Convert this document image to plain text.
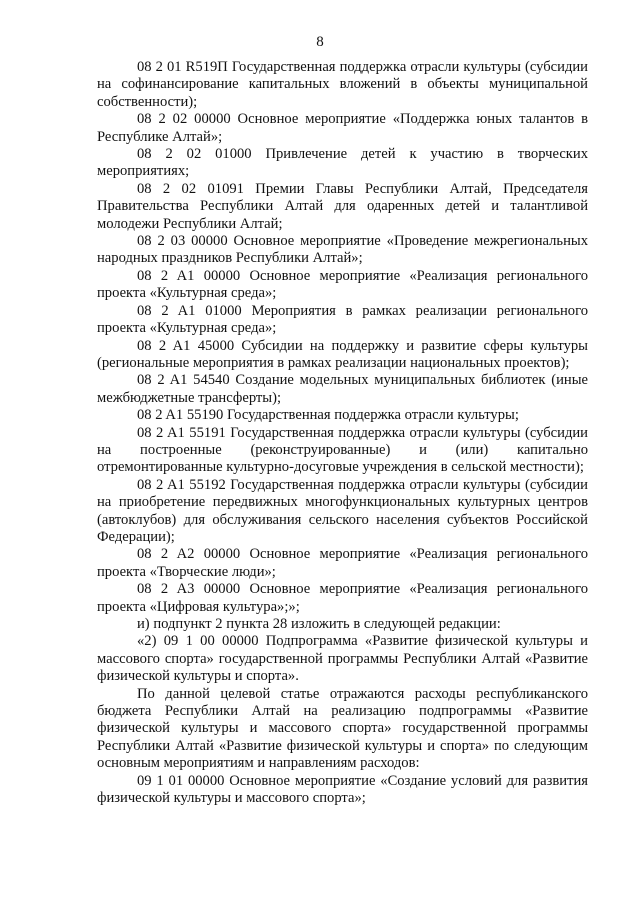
8

08 2 01 R519П Государственная поддержка отрасли культуры (субсидии на софинансирование капитальных вложений в объекты муниципальной собственности);

08 2 02 00000 Основное мероприятие «Поддержка юных талантов в Республике Алтай»;

08 2 02 01000 Привлечение детей к участию в творческих мероприятиях;

08 2 02 01091 Премии Главы Республики Алтай, Председателя Правительства Республики Алтай для одаренных детей и талантливой молодежи Республики Алтай;

08 2 03 00000 Основное мероприятие «Проведение межрегиональных народных праздников Республики Алтай»;

08 2 A1 00000 Основное мероприятие «Реализация регионального проекта «Культурная среда»;

08 2 A1 01000 Мероприятия в рамках реализации регионального проекта «Культурная среда»;

08 2 A1 45000 Субсидии на поддержку и развитие сферы культуры (региональные мероприятия в рамках реализации национальных проектов);

08 2 A1 54540 Создание модельных муниципальных библиотек (иные межбюджетные трансферты);

08 2 A1 55190 Государственная поддержка отрасли культуры;

08 2 A1 55191 Государственная поддержка отрасли культуры (субсидии на построенные (реконструированные) и (или) капитально отремонтированные культурно-досуговые учреждения в сельской местности);

08 2 A1 55192 Государственная поддержка отрасли культуры (субсидии на приобретение передвижных многофункциональных культурных центров (автоклубов) для обслуживания сельского населения субъектов Российской Федерации);

08 2 A2 00000 Основное мероприятие «Реализация регионального проекта «Творческие люди»;

08 2 A3 00000 Основное мероприятие «Реализация регионального проекта «Цифровая культура»;»;

и) подпункт 2 пункта 28 изложить в следующей редакции:

«2) 09 1 00 00000 Подпрограмма «Развитие физической культуры и массового спорта» государственной программы Республики Алтай «Развитие физической культуры и спорта».

По данной целевой статье отражаются расходы республиканского бюджета Республики Алтай на реализацию подпрограммы «Развитие физической культуры и массового спорта» государственной программы Республики Алтай «Развитие физической культуры и спорта» по следующим основным мероприятиям и направлениям расходов:

09 1 01 00000 Основное мероприятие «Создание условий для развития физической культуры и массового спорта»;
